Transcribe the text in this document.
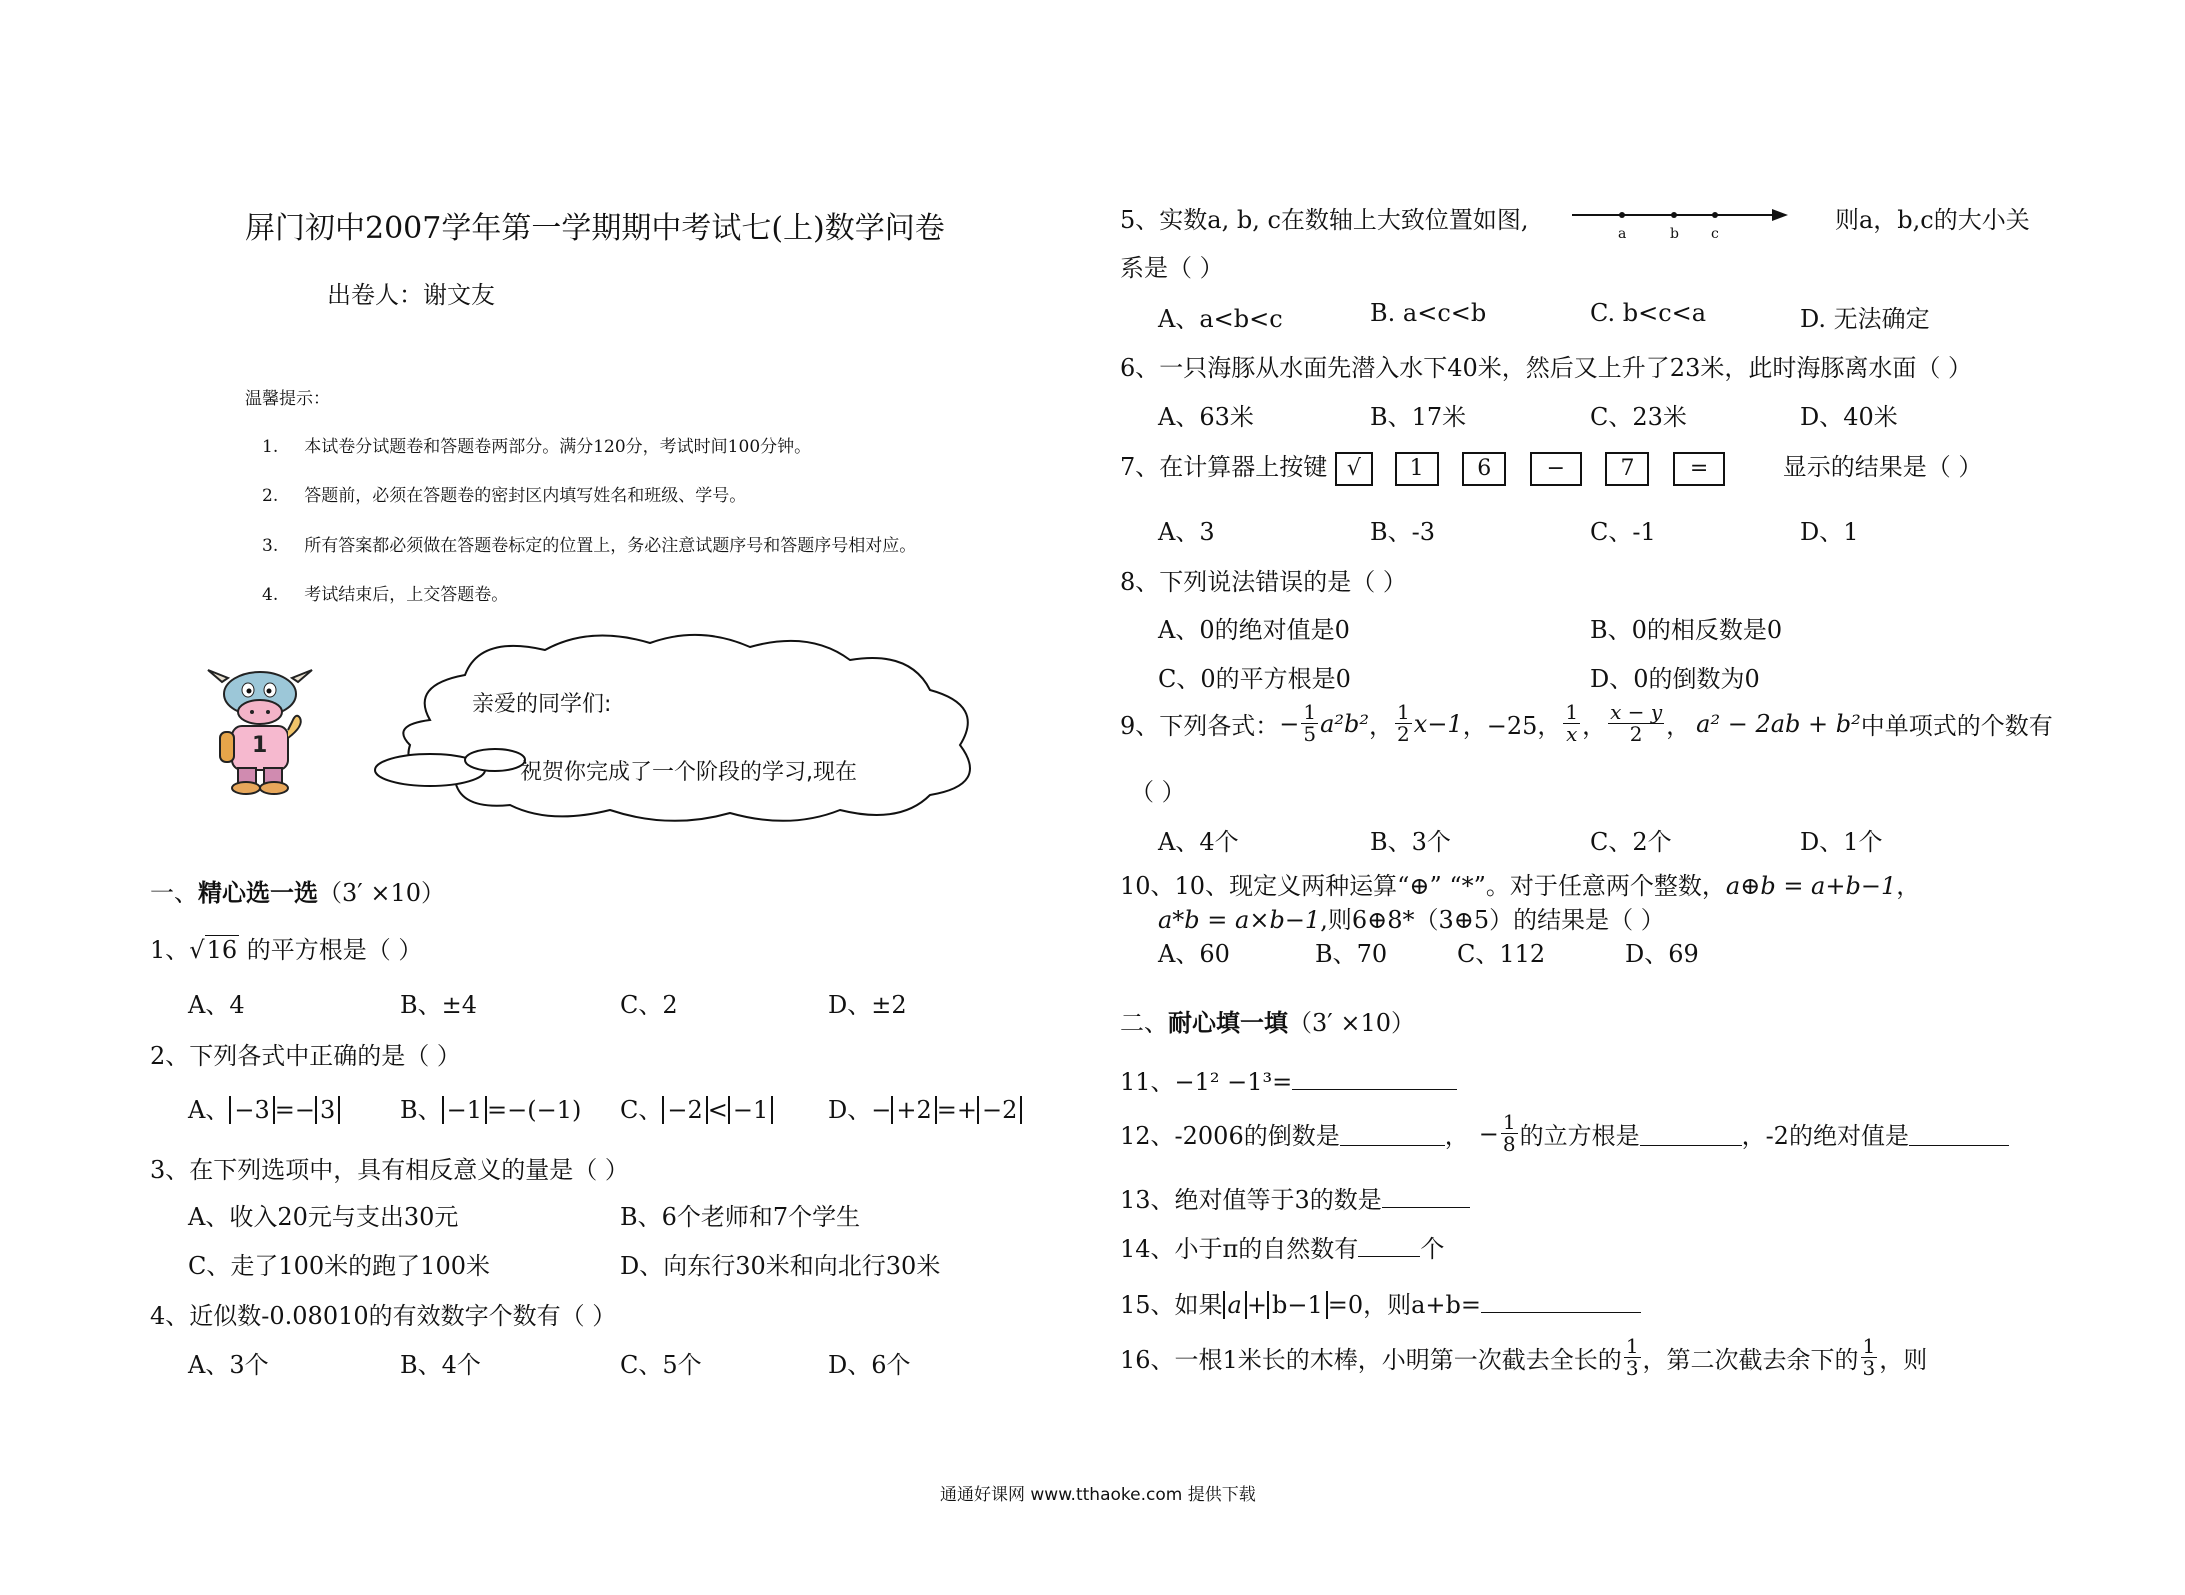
屏门初中2007学年第一学期期中考试七(上)数学问卷
出卷人：谢文友
温馨提示：
1. 本试卷分试题卷和答题卷两部分。满分120分，考试时间100分钟。
2. 答题前，必须在答题卷的密封区内填写姓名和班级、学号。
3. 所有答案都必须做在答题卷标定的位置上，务必注意试题序号和答题序号相对应。
4. 考试结束后，上交答题卷。
1
亲爱的同学们:
祝贺你完成了一个阶段的学习,现在
一、精心选一选（3′ ×10）
1、√16 的平方根是（ ）
A、4	B、±4	C、2	D、±2
2、下列各式中正确的是（ ）
A、 −3 =− 3	B、 −1 =−(−1) C、 −2 < −1 D、− +2 =+ −2
3、在下列选项中，具有相反意义的量是（ ）
A、收入20元与支出30元	B、6个老师和7个学生
C、走了100米的跑了100米	D、向东行30米和向北行30米
4、近似数-0.08010的有效数字个数有（ ）
A、3个	B、4个	C、5个	D、6个
5、实数a, b, c在数轴上大致位置如图,	a	b c	则a，b,c的大小关
系是（ ）
A、a<b<c	B. a<c<b	C. b<c<a	D. 无法确定
6、一只海豚从水面先潜入水下40米，然后又上升了23米，此时海豚离水面（ ）
A、63米	B、17米	C、23米	D、40米
7、在计算器上按键 √ 1 6	−	7	=	显示的结果是（ ）
A、3	B、-3	C、-1	D、1
8、下列说法错误的是（ ）
A、0的绝对值是0	B、0的相反数是0
C、0的平方根是0	D、0的倒数为0
9、下列各式： − $\frac{1}{5} a^2b^2$ ， $\frac{1}{2} x-1$ ， −25， $\frac{1}{x}$ ， $\frac{x - y}{2}$ ， a² − 2ab + b² 中单项式的个数有
（ ）
A、4个	B、3个	C、2个	D、1个
10、10、现定义两种运算“⊕” “*”。对于任意两个整数，a⊕b = a+b−1，
a*b = a×b−1,则6⊕8*（3⊕5）的结果是（ ）
A、60	B、70	C、112	D、69
二、耐心填一填（3′ ×10）
11、−1² −1³=
12、-2006的倒数是	， − $\frac{1}{8}$ 的立方根是	，-2的绝对值是
13、绝对值等于3的数是
14、小于π的自然数有	个
15、如果 a + b−1 =0，则a+b=
16、一根1米长的木棒，小明第一次截去全长的 $\frac{1}{3}$ ，第二次截去余下的 $\frac{1}{3}$ ，则
通通好课网 www.tthaoke.com 提供下载
